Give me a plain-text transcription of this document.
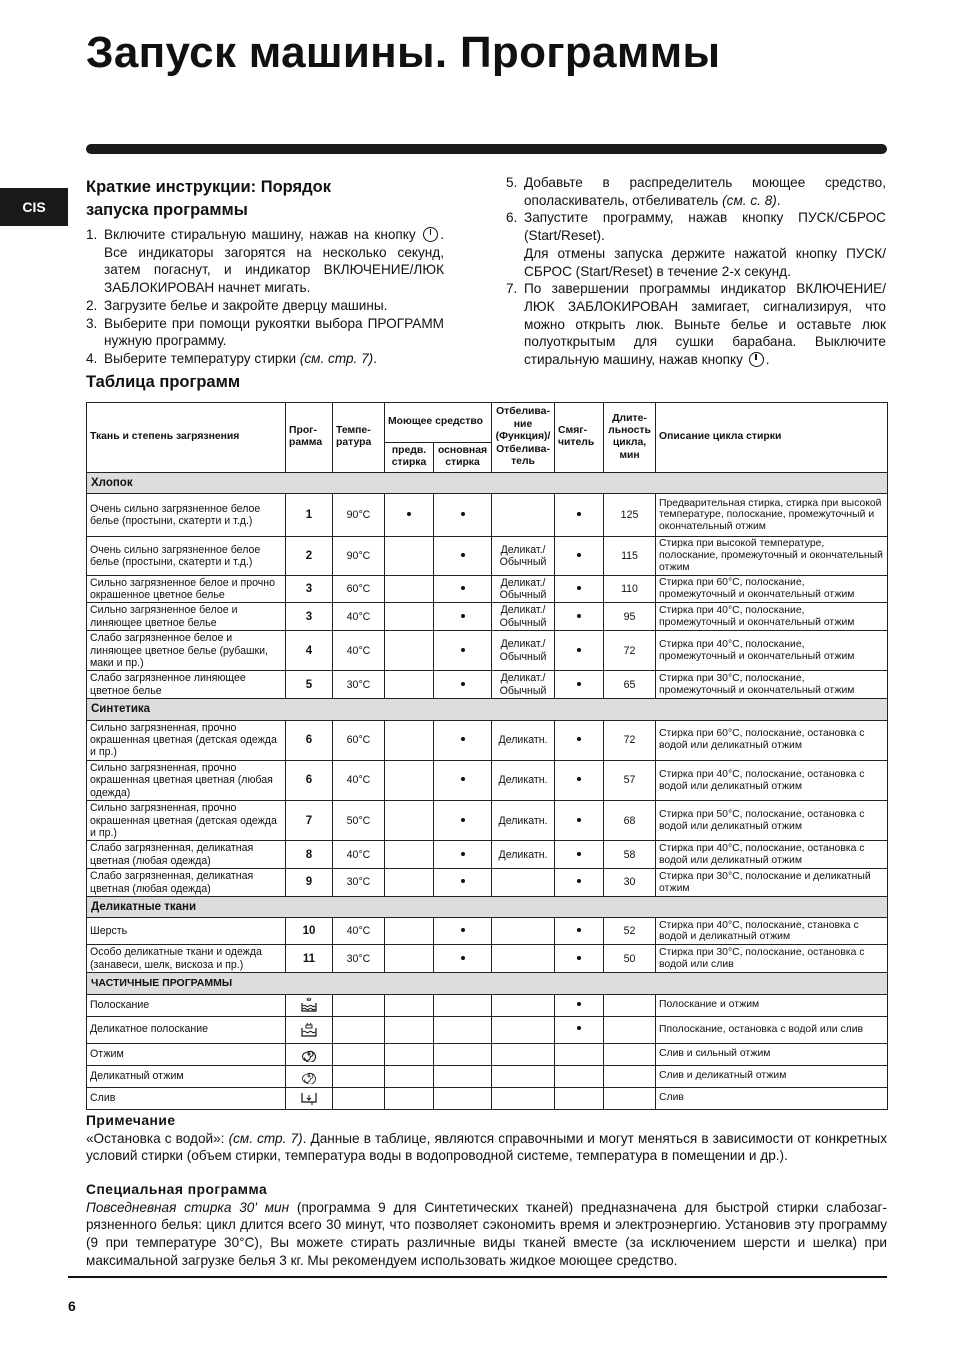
Запуск машины. Программы
CIS
Краткие инструкции: Порядок
запуска программы
1. Включите стиральную машину, нажав на кнопку . Все индикаторы загорятся на несколько секунд, затем погаснут, и индикатор ВКЛЮЧЕНИЕ/ЛЮК ЗАБЛОКИРОВАН начнет мигать.
2. Загрузите белье и закройте дверцу машины.
3. Выберите при помощи рукоятки выбора ПРОГРАММ нужную программу.
4. Выберите температуру стирки (см. стр. 7).
5. Добавьте в распределитель моющее средство, ополаскиватель, отбеливатель (см. с. 8).
6. Запустите программу, нажав кнопку ПУСК/СБРОС (Start/Reset).
Для отмены запуска держите нажатой кнопку ПУСК/СБРОС (Start/Reset) в течение 2-х секунд.
7. По завершении программы индикатор ВКЛЮЧЕНИЕ/ЛЮК ЗАБЛОКИРОВАН замигает, сигнализируя, что можно открыть люк. Выньте белье и оставьте люк полуоткрытым для сушки барабана. Выключите стиральную машину, нажав кнопку .
Таблица программ
Ткань и степень загрязнения	Прог-рамма	Темпе-ратура	Моющее средство		Отбелива-ние (Функция)/ Отбелива-тель	Смяг-читель	Длите-льность цикла, мин	Описание цикла стирки
			предв. стирка	основная стирка				
Хлопок								
Очень сильно загрязненное белое белье (простыни, скатерти и т.д.)	1	90°C					125	Предварительная стирка, стирка при высокой температуре, полоскание, промежуточный и окончательный отжим
Очень сильно загрязненное белое белье (простыни, скатерти и т.д.)	2	90°C			Деликат./ Обычный		115	Стирка при высокой температуре, полоскание, промежуточный и окончательный отжим
Сильно загрязненное белое и прочно окрашенное цветное белье	3	60°C			Деликат./ Обычный		110	Стирка при 60°C, полоскание, промежуточный и окончательный отжим
Сильно загрязненное белое и линяющее цветное белье	3	40°C			Деликат./ Обычный		95	Стирка при 40°C, полоскание, промежуточный и окончательный отжим
Слабо загрязненное белое и линяющее цветное белье (рубашки, маки и пр.)	4	40°C			Деликат./ Обычный		72	Стирка при 40°C, полоскание, промежуточный и окончательный отжим
Слабо загрязненное линяющее цветное белье	5	30°C			Деликат./ Обычный		65	Стирка при 30°C, полоскание, промежуточный и окончательный отжим
Синтетика								
Сильно загрязненная, прочно окрашенная цветная (детская одежда и пр.)	6	60°C			Деликатн.		72	Стирка при 60°C, полоскание, остановка с водой или деликатный отжим
Сильно загрязненная, прочно окрашенная цветная цветная (любая одежда)	6	40°C			Деликатн.		57	Стирка при 40°C, полоскание, остановка с водой или деликатный отжим
Сильно загрязненная, прочно окрашенная цветная (детская одежда и пр.)	7	50°C			Деликатн.		68	Стирка при 50°C, полоскание, остановка с водой или деликатный отжим
Слабо загрязненная, деликатная цветная (любая одежда)	8	40°C			Деликатн.		58	Стирка при 40°C, полоскание, остановка с водой или деликатный отжим
Слабо загрязненная, деликатная цветная (любая одежда)	9	30°C					30	Стирка при 30°C, полоскание и деликатный отжим
Деликатные ткани								
Шерсть	10	40°C					52	Стирка при 40°C, полоскание, становка с водой и деликатный отжим
Особо деликатные ткани и одежда (занавеси, шелк, вискоза и пр.)	11	30°C					50	Стирка при 30°C, полоскание, остановка с водой или слив
ЧАСТИЧНЫЕ ПРОГРАММЫ								
Полоскание								Полоскание и отжим
Деликатное полоскание								Пполоскание, остановка с водой или слив
Отжим								Слив и сильный отжим
Деликатный отжим								Слив и деликатный отжим
Слив								Слив
Примечание

«Остановка с водой»: (см. стр. 7). Данные в таблице, являются справочными и могут меняться в зависимости от конкретных условий стирки (объем стирки, температура воды в водопроводной системе, температура в помещении и др.).

Специальная программа

Повседневная стирка 30' мин (программа 9 для Синтетических тканей) предназначена для быстрой стирки слабозаг-рязненного белья: цикл длится всего 30 минут, что позволяет сэкономить время и электроэнергию. Установив эту программу (9 при температуре 30°C), Вы можете стирать различные виды тканей вместе (за исключением шерсти и шелка) при максимальной загрузке белья 3 кг. Мы рекомендуем использовать жидкое моющее средство.

6
